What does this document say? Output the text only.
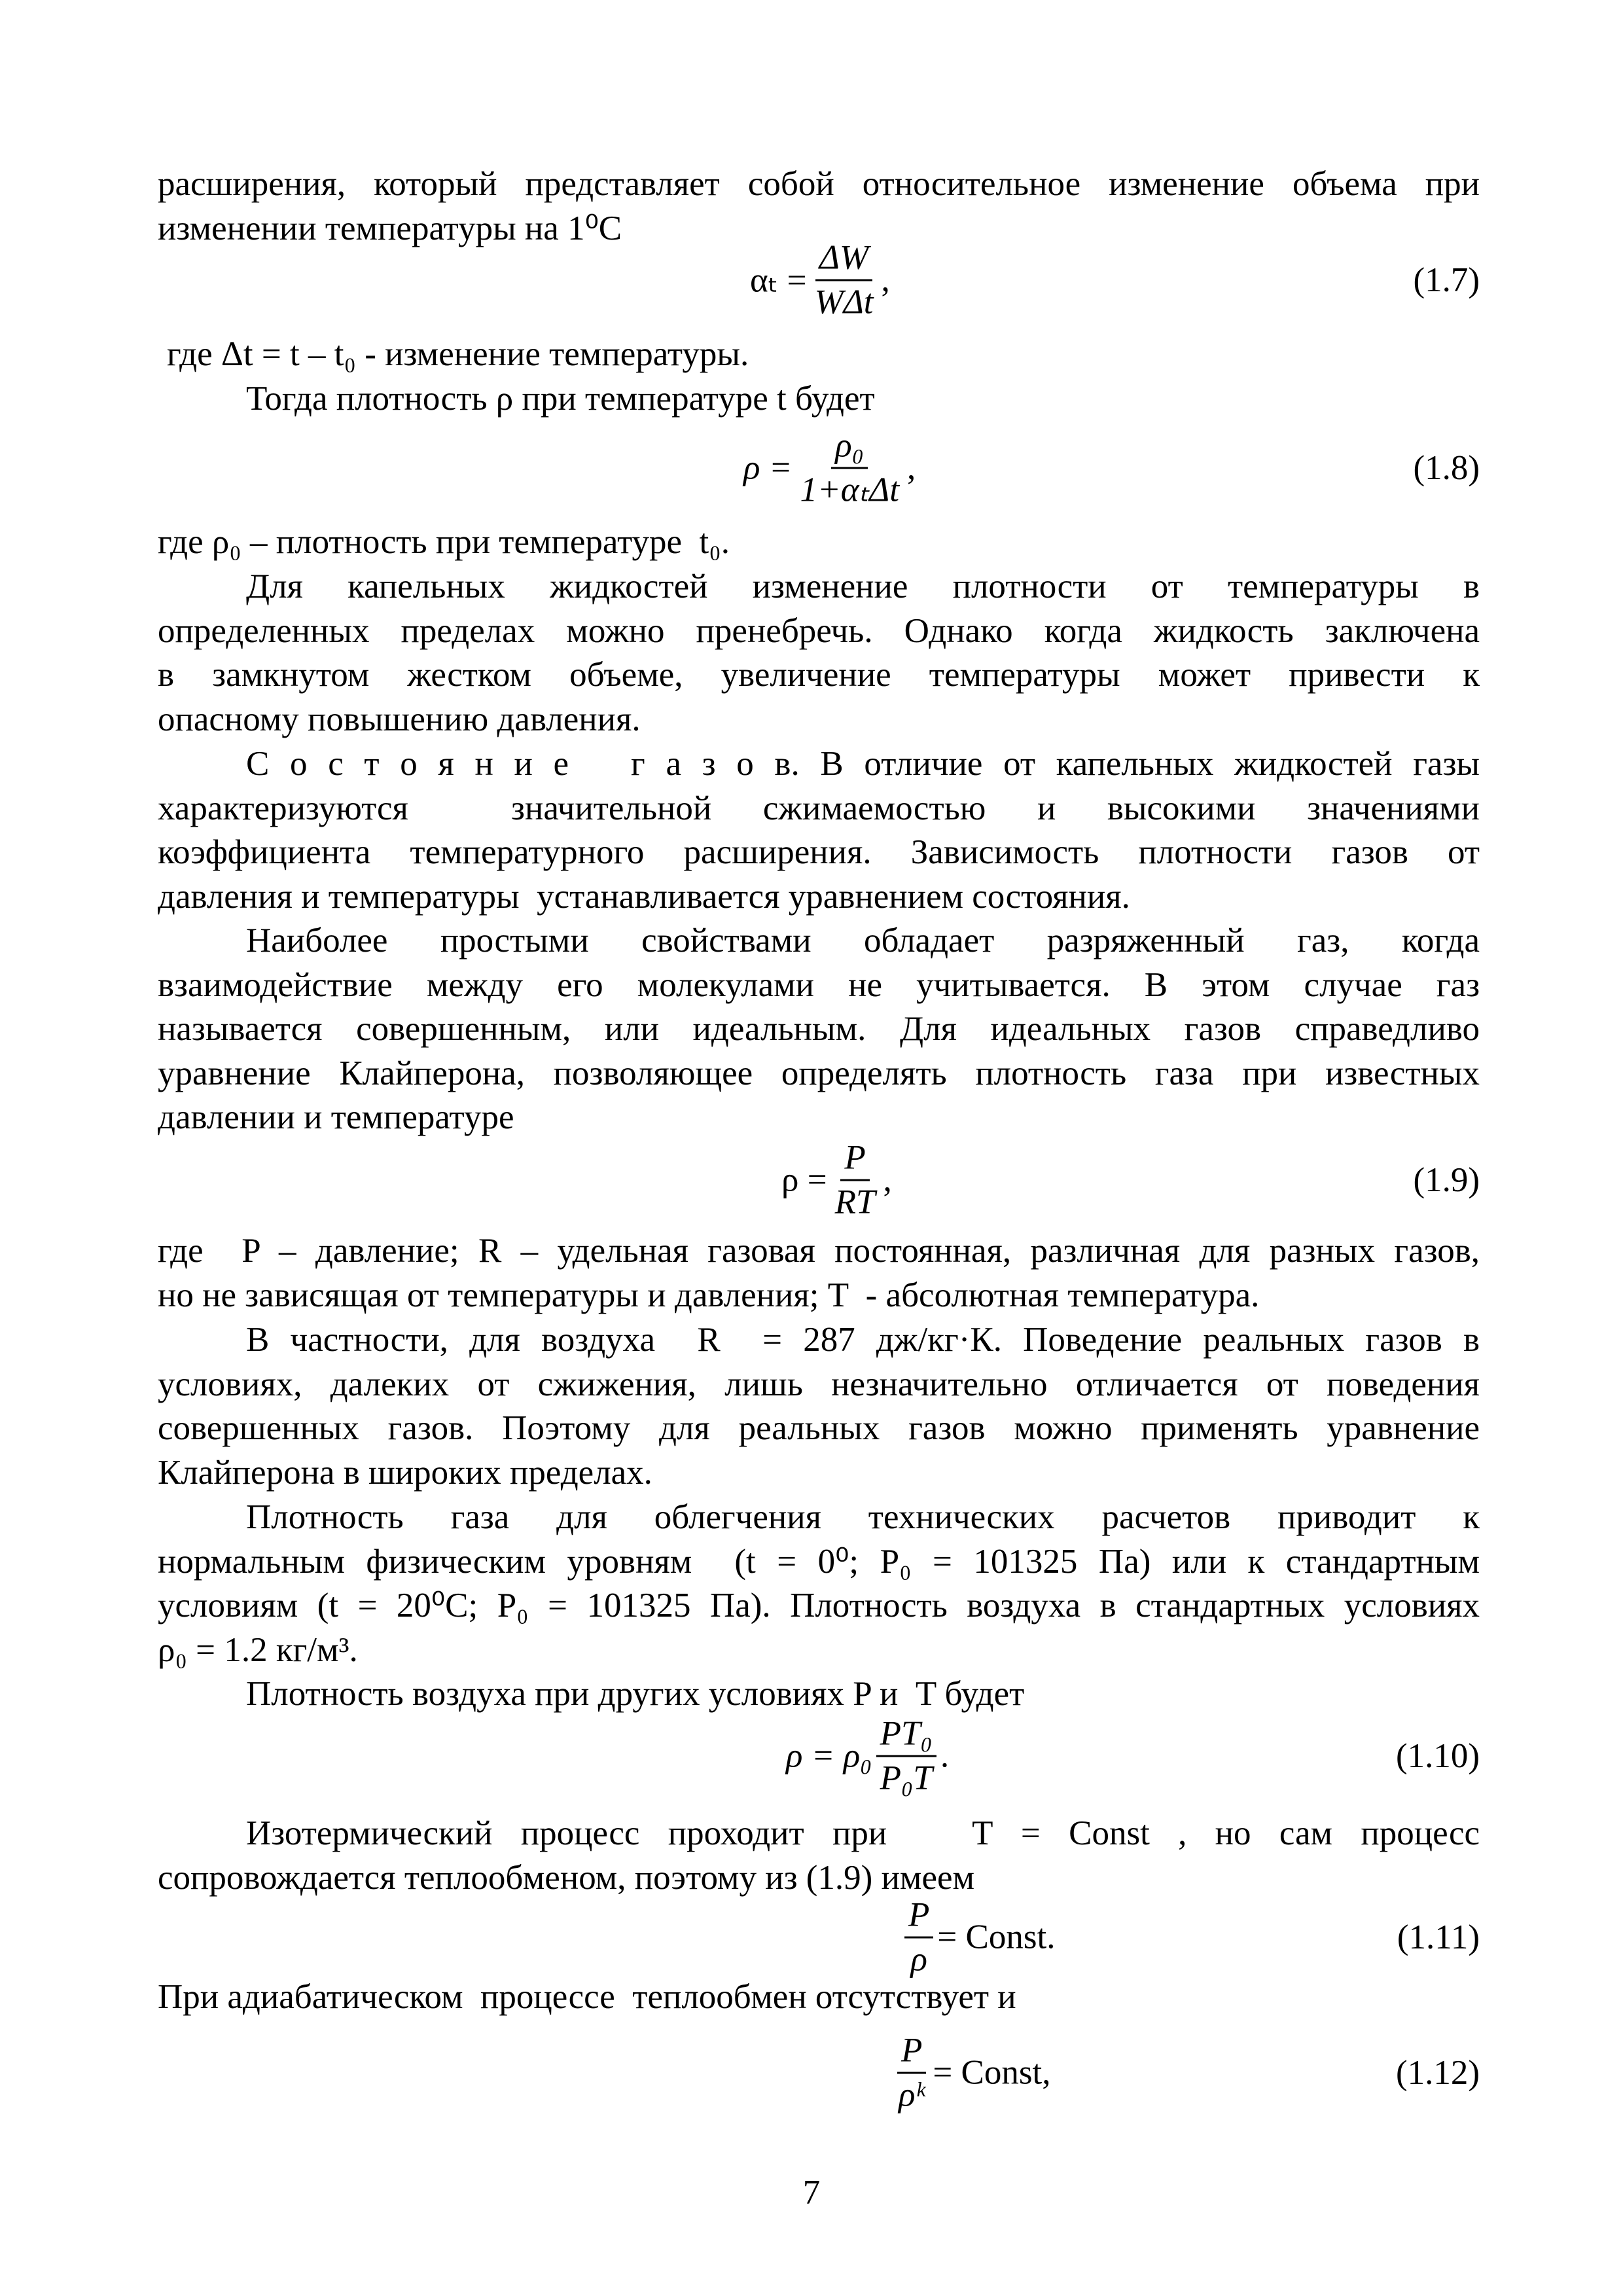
расширения, который представляет собой относительное изменение объема при
изменении температуры на 1⁰С
$\alpha_t = \frac{\Delta W}{\text{WΔt}}$ ,	(1.7)
где Δt = t – t₀ - изменение температуры.
Тогда плотность ρ при температуре t будет
$\rho = \frac{\text{ρ₀}}{\text{1+αₜΔt}}$ ,	(1.8)
где ρ₀ – плотность при температуре  t₀.
Для капельных жидкостей изменение плотности от температуры в
определенных пределах можно пренебречь. Однако когда жидкость заключена
в замкнутом жестком объеме, увеличение температуры может привести к
опасному повышению давления.
С о с т о я н и е   г а з о в. В отличие от капельных жидкостей газы
характеризуются  значительной сжимаемостью и высокими значениями
коэффициента температурного расширения. Зависимость плотности газов от
давления и температуры  устанавливается уравнением состояния.
Наиболее простыми свойствами обладает разряженный газ, когда
взаимодействие между его молекулами не учитывается. В этом случае газ
называется совершенным, или идеальным. Для идеальных газов справедливо
уравнение Клайперона, позволяющее определять плотность газа при известных
давлении и температуре
$\rho = \frac{P}{RT}$ ,	(1.9)
где  P – давление; R – удельная газовая постоянная, различная для разных газов,
но не зависящая от температуры и давления; T  - абсолютная температура.
В частности, для воздуха  R  = 287 дж/кг·К. Поведение реальных газов в
условиях, далеких от сжижения, лишь незначительно отличается от поведения
совершенных газов. Поэтому для реальных газов можно применять уравнение
Клайперона в широких пределах.
Плотность газа для облегчения технических расчетов приводит к
нормальным физическим уровням  (t = 0⁰; P₀ = 101325 Па) или к стандартным
условиям (t = 20⁰С; P₀ = 101325 Па). Плотность воздуха в стандартных условиях
ρ₀ = 1.2 кг/м³.
Плотность воздуха при других условиях P и  T будет
$\rho = \rho_0 \frac{\text{PT₀}}{\text{P₀T}}$ .	(1.10)
Изотермический процесс проходит при   T = Const , но сам процесс
сопровождается теплообменом, поэтому из (1.9) имеем
$\frac{P}{\rho}$ = Const.	(1.11)
При адиабатическом  процессе  теплообмен отсутствует и
$\frac{P}{\text{ρᵏ}}$ = Const,	(1.12)
7
